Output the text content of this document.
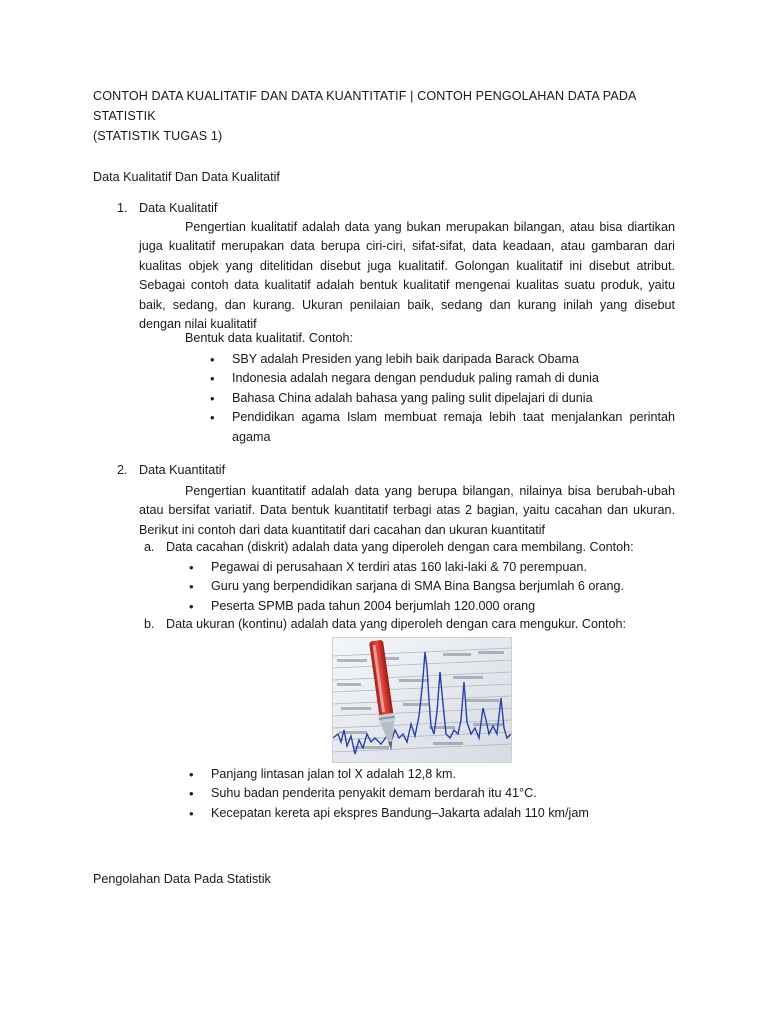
CONTOH DATA KUALITATIF DAN DATA KUANTITATIF | CONTOH PENGOLAHAN DATA PADA STATISTIK
(STATISTIK TUGAS 1)
Data Kualitatif Dan Data Kualitatif
1. Data Kualitatif
Pengertian kualitatif adalah data yang bukan merupakan bilangan, atau bisa diartikan juga kualitatif merupakan data berupa ciri-ciri, sifat-sifat, data keadaan, atau gambaran dari kualitas objek yang ditelitidan disebut juga kualitatif. Golongan kualitatif ini disebut atribut. Sebagai contoh data kualitatif adalah bentuk kualitatif mengenai kualitas suatu produk, yaitu baik, sedang, dan kurang. Ukuran penilaian baik, sedang dan kurang inilah yang disebut dengan nilai kualitatif
Bentuk data kualitatif. Contoh:
• SBY adalah Presiden yang lebih baik daripada Barack Obama
• Indonesia adalah negara dengan penduduk paling ramah di dunia
• Bahasa China adalah bahasa yang paling sulit dipelajari di dunia
• Pendidikan agama Islam membuat remaja lebih taat menjalankan perintah agama
2. Data Kuantitatif
Pengertian kuantitatif adalah data yang berupa bilangan, nilainya bisa berubah-ubah atau bersifat variatif. Data bentuk kuantitatif terbagi atas 2 bagian, yaitu cacahan dan ukuran. Berikut ini contoh dari data kuantitatif dari cacahan dan ukuran kuantitatif
a. Data cacahan (diskrit) adalah data yang diperoleh dengan cara membilang. Contoh:
• Pegawai di perusahaan X terdiri atas 160 laki-laki & 70 perempuan.
• Guru yang berpendidikan sarjana di SMA Bina Bangsa berjumlah 6 orang.
• Peserta SPMB pada tahun 2004 berjumlah 120.000 orang
b. Data ukuran (kontinu) adalah data yang diperoleh dengan cara mengukur. Contoh:
• Panjang lintasan jalan tol X adalah 12,8 km.
• Suhu badan penderita penyakit demam berdarah itu 41°C.
• Kecepatan kereta api ekspres Bandung–Jakarta adalah 110 km/jam
Pengolahan Data Pada Statistik
